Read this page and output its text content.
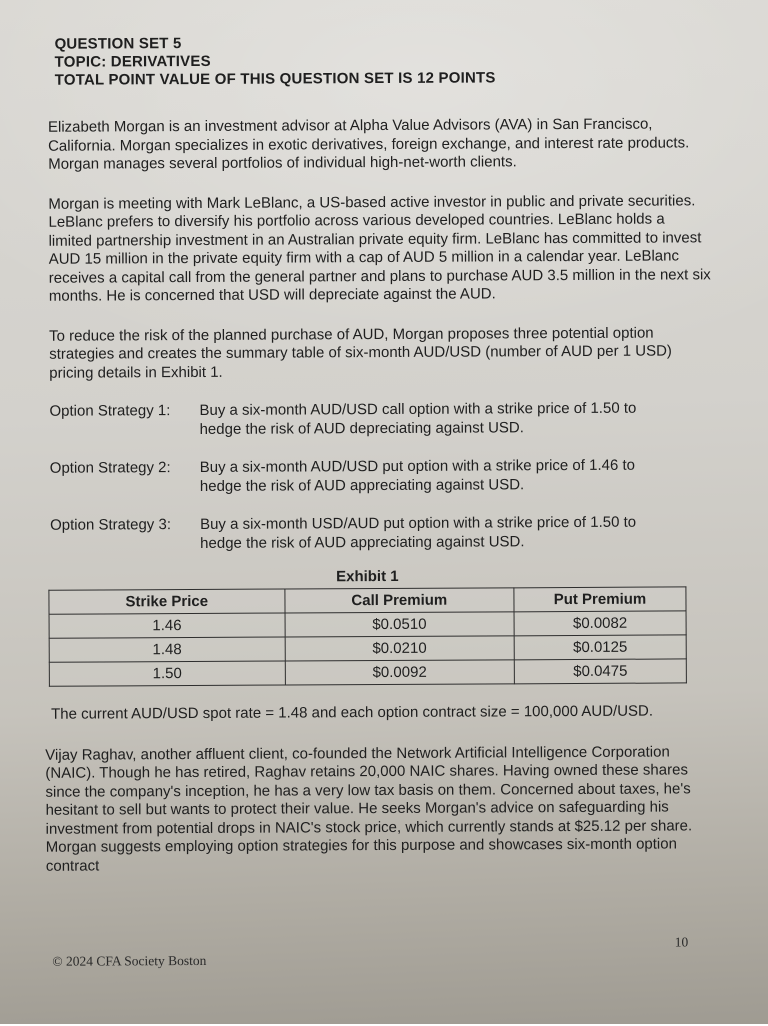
QUESTION SET 5
TOPIC: DERIVATIVES
TOTAL POINT VALUE OF THIS QUESTION SET IS 12 POINTS
Elizabeth Morgan is an investment advisor at Alpha Value Advisors (AVA) in San Francisco, California. Morgan specializes in exotic derivatives, foreign exchange, and interest rate products. Morgan manages several portfolios of individual high-net-worth clients.
Morgan is meeting with Mark LeBlanc, a US-based active investor in public and private securities. LeBlanc prefers to diversify his portfolio across various developed countries. LeBlanc holds a limited partnership investment in an Australian private equity firm. LeBlanc has committed to invest AUD 15 million in the private equity firm with a cap of AUD 5 million in a calendar year. LeBlanc receives a capital call from the general partner and plans to purchase AUD 3.5 million in the next six months. He is concerned that USD will depreciate against the AUD.
To reduce the risk of the planned purchase of AUD, Morgan proposes three potential option strategies and creates the summary table of six-month AUD/USD (number of AUD per 1 USD) pricing details in Exhibit 1.
Option Strategy 1:	Buy a six-month AUD/USD call option with a strike price of 1.50 to hedge the risk of AUD depreciating against USD.
Option Strategy 2:	Buy a six-month AUD/USD put option with a strike price of 1.46 to hedge the risk of AUD appreciating against USD.
Option Strategy 3:	Buy a six-month USD/AUD put option with a strike price of 1.50 to hedge the risk of AUD appreciating against USD.
Exhibit 1
Strike Price	Call Premium	Put Premium
1.46	$0.0510	$0.0082
1.48	$0.0210	$0.0125
1.50	$0.0092	$0.0475
The current AUD/USD spot rate = 1.48 and each option contract size = 100,000 AUD/USD.
Vijay Raghav, another affluent client, co-founded the Network Artificial Intelligence Corporation (NAIC). Though he has retired, Raghav retains 20,000 NAIC shares. Having owned these shares since the company's inception, he has a very low tax basis on them. Concerned about taxes, he's hesitant to sell but wants to protect their value. He seeks Morgan's advice on safeguarding his investment from potential drops in NAIC's stock price, which currently stands at $25.12 per share. Morgan suggests employing option strategies for this purpose and showcases six-month option contract
© 2024 CFA Society Boston
10
